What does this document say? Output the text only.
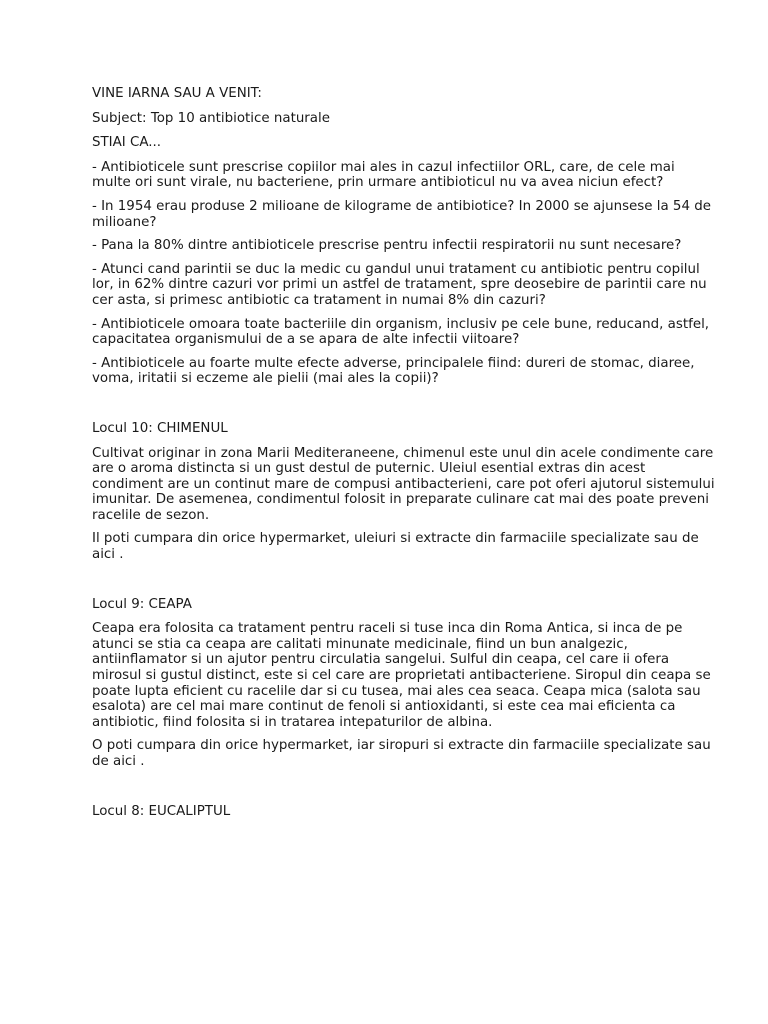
VINE IARNA SAU A VENIT:
Subject: Top 10 antibiotice naturale
STIAI CA...
- Antibioticele sunt prescrise copiilor mai ales in cazul infectiilor ORL, care, de cele mai multe ori sunt virale, nu bacteriene, prin urmare antibioticul nu va avea niciun efect?
- In 1954 erau produse 2 milioane de kilograme de antibiotice? In 2000 se ajunsese la 54 de milioane?
- Pana la 80% dintre antibioticele prescrise pentru infectii respiratorii nu sunt necesare?
- Atunci cand parintii se duc la medic cu gandul unui tratament cu antibiotic pentru copilul lor, in 62% dintre cazuri vor primi un astfel de tratament, spre deosebire de parintii care nu cer asta, si primesc antibiotic ca tratament in numai 8% din cazuri?
- Antibioticele omoara toate bacteriile din organism, inclusiv pe cele bune, reducand, astfel, capacitatea organismului de a se apara de alte infectii viitoare?
- Antibioticele au foarte multe efecte adverse, principalele fiind: dureri de stomac, diaree, voma, iritatii si eczeme ale pielii (mai ales la copii)?
Locul 10: CHIMENUL
Cultivat originar in zona Marii Mediteraneene, chimenul este unul din acele condimente care are o aroma distincta si un gust destul de puternic. Uleiul esential extras din acest condiment are un continut mare de compusi antibacterieni, care pot oferi ajutorul sistemului imunitar. De asemenea, condimentul folosit in preparate culinare cat mai des poate preveni racelile de sezon.
Il poti cumpara din orice hypermarket, uleiuri si extracte din farmaciile specializate sau de aici .
Locul 9: CEAPA
Ceapa era folosita ca tratament pentru raceli si tuse inca din Roma Antica, si inca de pe atunci se stia ca ceapa are calitati minunate medicinale, fiind un bun analgezic, antiinflamator si un ajutor pentru circulatia sangelui. Sulful din ceapa, cel care ii ofera mirosul si gustul distinct, este si cel care are proprietati antibacteriene. Siropul din ceapa se poate lupta eficient cu racelile dar si cu tusea, mai ales cea seaca. Ceapa mica (salota sau esalota) are cel mai mare continut de fenoli si antioxidanti, si este cea mai eficienta ca antibiotic, fiind folosita si in tratarea intepaturilor de albina.
O poti cumpara din orice hypermarket, iar siropuri si extracte din farmaciile specializate sau de aici .
Locul 8: EUCALIPTUL
